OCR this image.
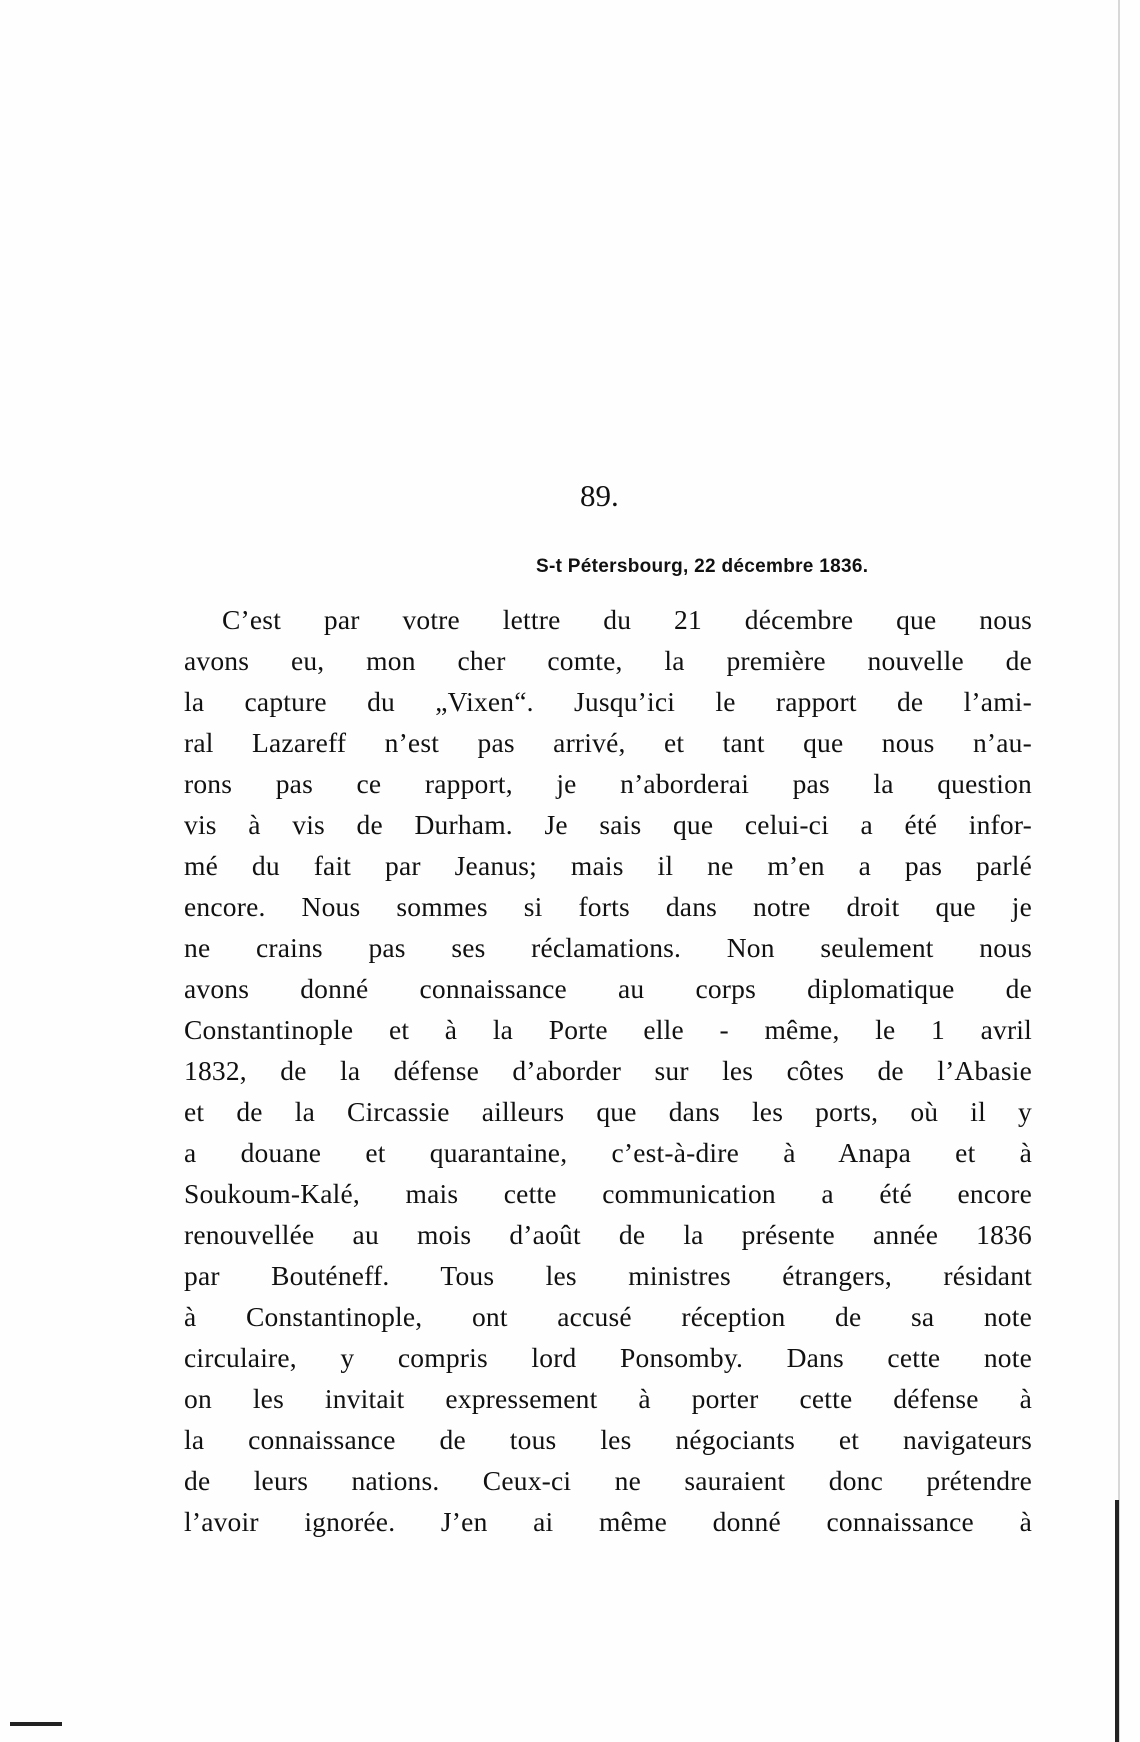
89.
S-t Pétersbourg, 22 décembre 1836.
C’est par votre lettre du 21 décembre que nous
avons eu, mon cher comte, la première nouvelle de
la capture du „Vixen“. Jusqu’ici le rapport de l’ami-
ral Lazareff n’est pas arrivé, et tant que nous n’au-
rons pas ce rapport, je n’aborderai pas la question
vis à vis de Durham. Je sais que celui-ci a été infor-
mé du fait par Jeanus; mais il ne m’en a pas parlé
encore. Nous sommes si forts dans notre droit que je
ne crains pas ses réclamations. Non seulement nous
avons donné connaissance au corps diplomatique de
Constantinople et à la Porte elle - même, le 1 avril
1832, de la défense d’aborder sur les côtes de l’Abasie
et de la Circassie ailleurs que dans les ports, où il y
a douane et quarantaine, c’est-à-dire à Anapa et à
Soukoum-Kalé, mais cette communication a été encore
renouvellée au mois d’août de la présente année 1836
par Bouténeff. Tous les ministres étrangers, résidant
à Constantinople, ont accusé réception de sa note
circulaire, y compris lord Ponsomby. Dans cette note
on les invitait expressement à porter cette défense à
la connaissance de tous les négociants et navigateurs
de leurs nations. Ceux-ci ne sauraient donc prétendre
l’avoir ignorée. J’en ai même donné connaissance à
